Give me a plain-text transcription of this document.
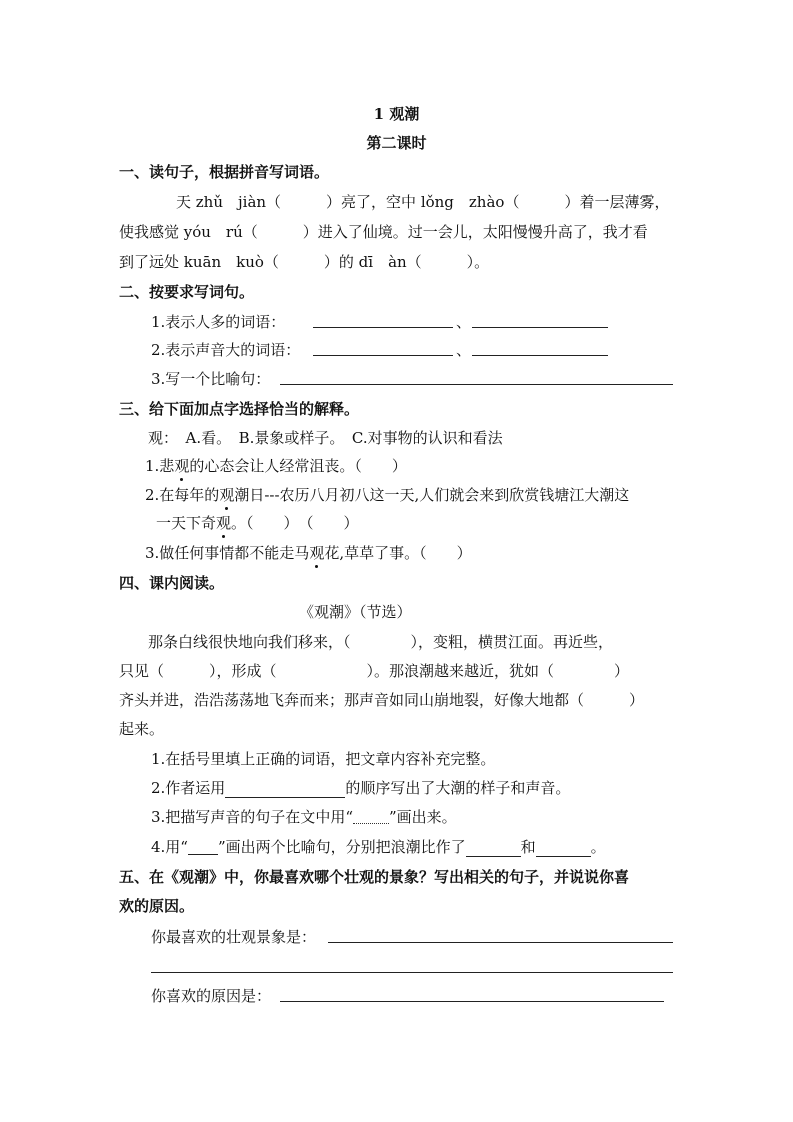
1 观潮
第二课时
一、读句子，根据拼音写词语。
天 zhǔ　jiàn（　　　）亮了，空中 lǒng　zhào（　　　）着一层薄雾，
使我感觉 yóu　rú（　　　）进入了仙境。过一会儿，太阳慢慢升高了，我才看
到了远处 kuān　kuò（　　　）的 dī　àn（　　　）。
二、按要求写词句。
1.表示人多的词语：	、
2.表示声音大的词语：	、
3.写一个比喻句：
三、给下面加点字选择恰当的解释。
观：　A.看。　B.景象或样子。　C.对事物的认识和看法
1.悲观的心态会让人经常沮丧。（　　）
2.在每年的观潮日---农历八月初八这一天,人们就会来到欣赏钱塘江大潮这
一天下奇观。（　　）　（　　）
3.做任何事情都不能走马观花,草草了事。（　　）
四、课内阅读。
《观潮》（节选）
那条白线很快地向我们移来，（　　　　），变粗，横贯江面。再近些，
只见（　　　），形成（　　　　　　）。那浪潮越来越近，犹如（　　　　）
齐头并进，浩浩荡荡地飞奔而来；那声音如同山崩地裂，好像大地都（　　　）
起来。
1.在括号里填上正确的词语，把文章内容补充完整。
2.作者运用	的顺序写出了大潮的样子和声音。
3.把描写声音的句子在文中用“ ”画出来。
4.用“ ”画出两个比喻句，分别把浪潮比作了	和	。
五、在《观潮》中，你最喜欢哪个壮观的景象？写出相关的句子，并说说你喜
欢的原因。
你最喜欢的壮观景象是：
你喜欢的原因是：
